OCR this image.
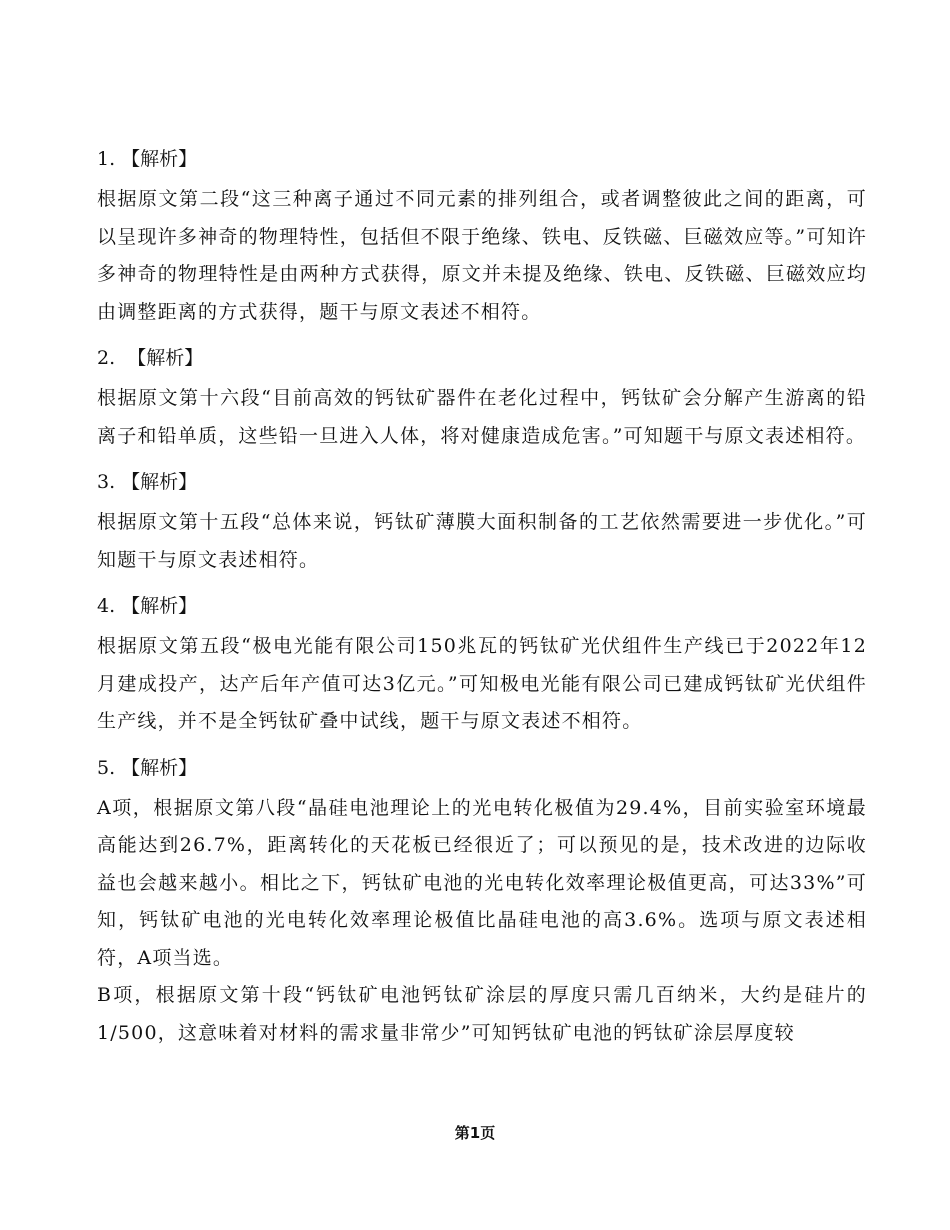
1. 【解析】

根据原文第二段“这三种离子通过不同元素的排列组合，或者调整彼此之间的距离，可以呈现许多神奇的物理特性，包括但不限于绝缘、铁电、反铁磁、巨磁效应等。”可知许多神奇的物理特性是由两种方式获得，原文并未提及绝缘、铁电、反铁磁、巨磁效应均由调整距离的方式获得，题干与原文表述不相符。

2.  【解析】

根据原文第十六段“目前高效的钙钛矿器件在老化过程中，钙钛矿会分解产生游离的铅离子和铅单质，这些铅一旦进入人体，将对健康造成危害。”可知题干与原文表述相符。

3. 【解析】

根据原文第十五段“总体来说，钙钛矿薄膜大面积制备的工艺依然需要进一步优化。”可知题干与原文表述相符。

4. 【解析】

根据原文第五段“极电光能有限公司150兆瓦的钙钛矿光伏组件生产线已于2022年12月建成投产，达产后年产值可达3亿元。”可知极电光能有限公司已建成钙钛矿光伏组件生产线，并不是全钙钛矿叠中试线，题干与原文表述不相符。

5. 【解析】

A项，根据原文第八段“晶硅电池理论上的光电转化极值为29.4%，目前实验室环境最高能达到26.7%，距离转化的天花板已经很近了；可以预见的是，技术改进的边际收益也会越来越小。相比之下，钙钛矿电池的光电转化效率理论极值更高，可达33%”可知，钙钛矿电池的光电转化效率理论极值比晶硅电池的高3.6%。选项与原文表述相符，A项当选。

B项，根据原文第十段“钙钛矿电池钙钛矿涂层的厚度只需几百纳米，大约是硅片的1/500，这意味着对材料的需求量非常少”可知钙钛矿电池的钙钛矿涂层厚度较

第1页
